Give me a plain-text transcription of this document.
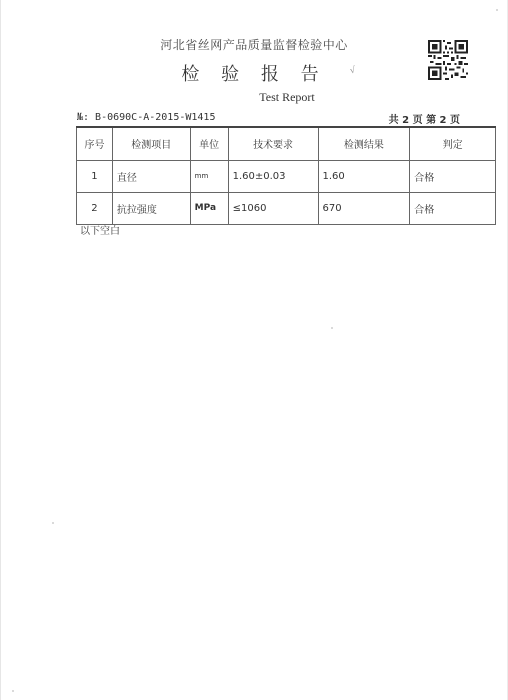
河北省丝网产品质量监督检验中心
检 验 报 告	√
Test Report
№: B-0690C-A-2015-W1415	共 2 页 第 2 页
序号	检测项目	单位	技术要求	检测结果	判定
1	直径	mm	1.60±0.03	1.60	合格
2	抗拉强度	MPa	≤1060	670	合格
以下空白
